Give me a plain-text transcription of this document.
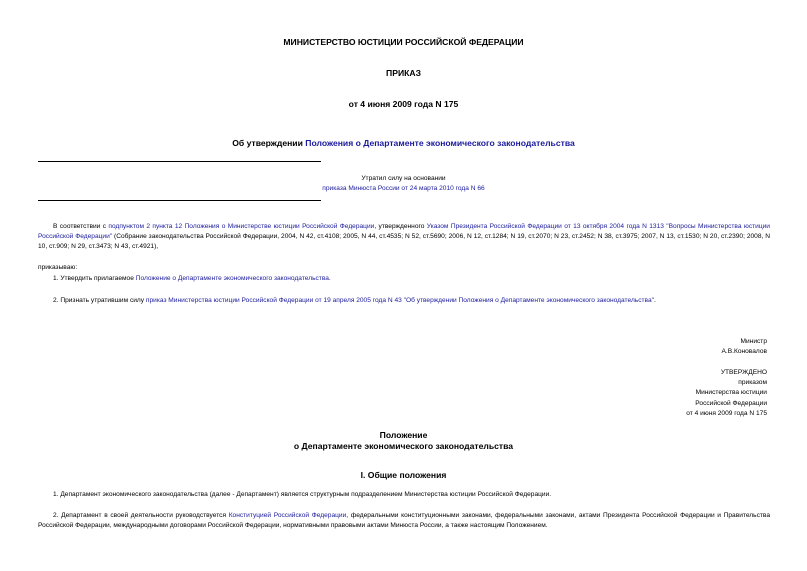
МИНИСТЕРСТВО ЮСТИЦИИ РОССИЙСКОЙ ФЕДЕРАЦИИ
ПРИКАЗ
от 4 июня 2009 года N 175
Об утверждении Положения о Департаменте экономического законодательства
Утратил силу на основании
приказа Минюста России от 24 марта 2010 года N 66
В соответствии с подпунктом 2 пункта 12 Положения о Министерстве юстиции Российской Федерации, утвержденного Указом Президента Российской Федерации от 13 октября 2004 года N 1313 "Вопросы Министерства юстиции Российской Федерации" (Собрание законодательства Российской Федерации, 2004, N 42, ст.4108; 2005, N 44, ст.4535; N 52, ст.5690; 2006, N 12, ст.1284; N 19, ст.2070; N 23, ст.2452; N 38, ст.3975; 2007, N 13, ст.1530; N 20, ст.2390; 2008, N 10, ст.909; N 29, ст.3473; N 43, ст.4921),
приказываю:
1. Утвердить прилагаемое Положение о Департаменте экономического законодательства.
2. Признать утратившим силу приказ Министерства юстиции Российской Федерации от 19 апреля 2005 года N 43 "Об утверждении Положения о Департаменте экономического законодательства".
Министр
А.В.Коновалов
УТВЕРЖДЕНО
приказом
Министерства юстиции
Российской Федерации
от 4 июня 2009 года N 175
Положение
о Департаменте экономического законодательства
I. Общие положения
1. Департамент экономического законодательства (далее - Департамент) является структурным подразделением Министерства юстиции Российской Федерации.
2. Департамент в своей деятельности руководствуется Конституцией Российской Федерации, федеральными конституционными законами, федеральными законами, актами Президента Российской Федерации и Правительства Российской Федерации, международными договорами Российской Федерации, нормативными правовыми актами Минюста России, а также настоящим Положением.
